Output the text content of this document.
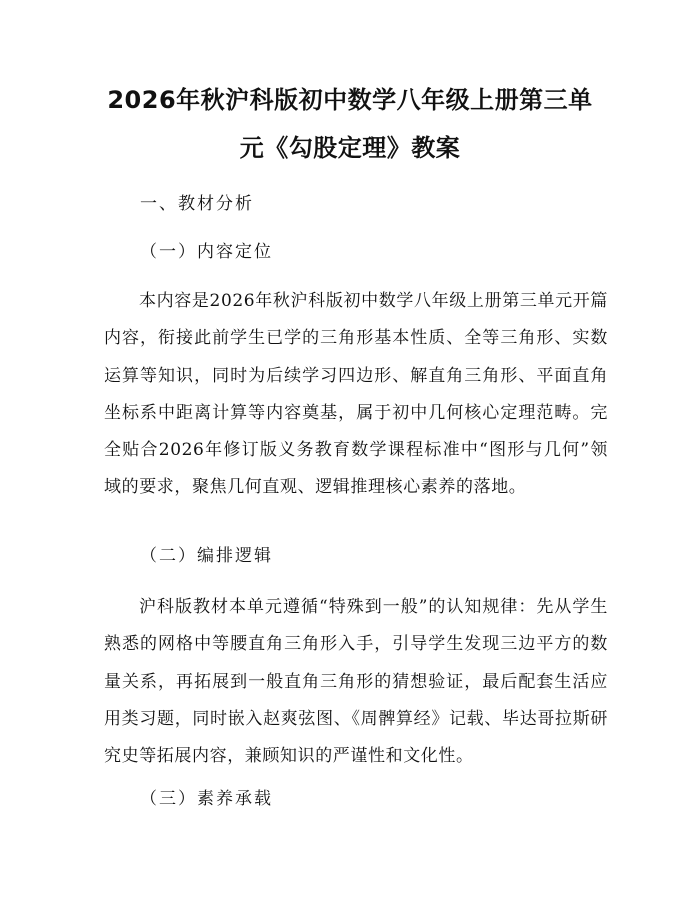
2026年秋沪科版初中数学八年级上册第三单
元《勾股定理》教案
一、教材分析
（一）内容定位
本内容是2026年秋沪科版初中数学八年级上册第三单元开篇内容，衔接此前学生已学的三角形基本性质、全等三角形、实数运算等知识，同时为后续学习四边形、解直角三角形、平面直角坐标系中距离计算等内容奠基，属于初中几何核心定理范畴。完全贴合2026年修订版义务教育数学课程标准中“图形与几何”领域的要求，聚焦几何直观、逻辑推理核心素养的落地。
（二）编排逻辑
沪科版教材本单元遵循“特殊到一般”的认知规律：先从学生熟悉的网格中等腰直角三角形入手，引导学生发现三边平方的数量关系，再拓展到一般直角三角形的猜想验证，最后配套生活应用类习题，同时嵌入赵爽弦图、《周髀算经》记载、毕达哥拉斯研究史等拓展内容，兼顾知识的严谨性和文化性。
（三）素养承载
